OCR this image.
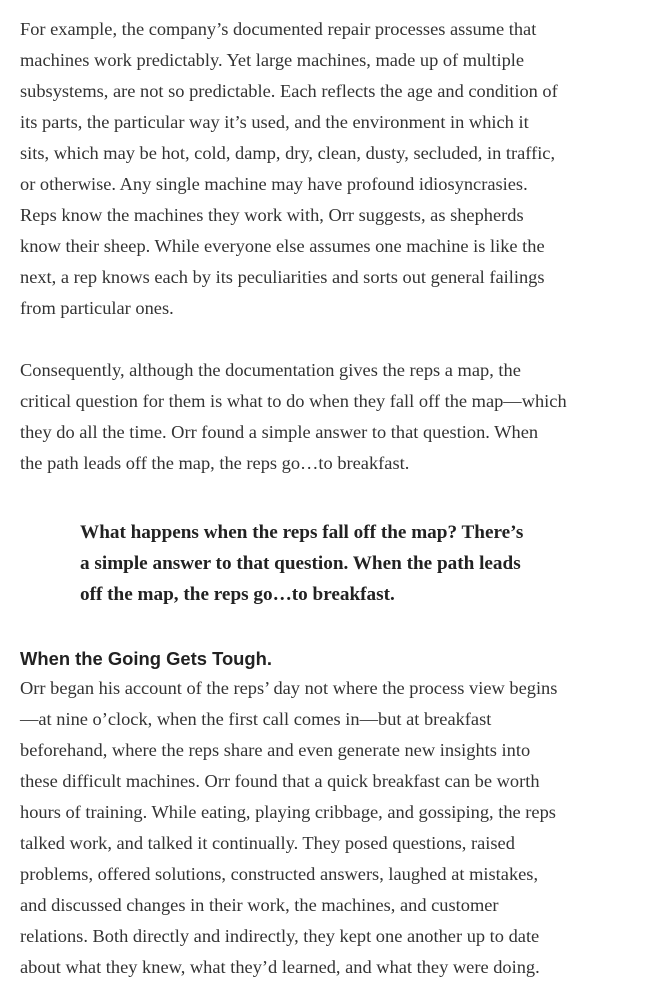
For example, the company’s documented repair processes assume that
machines work predictably. Yet large machines, made up of multiple
subsystems, are not so predictable. Each reflects the age and condition of
its parts, the particular way it’s used, and the environment in which it
sits, which may be hot, cold, damp, dry, clean, dusty, secluded, in traffic,
or otherwise. Any single machine may have profound idiosyncrasies.
Reps know the machines they work with, Orr suggests, as shepherds
know their sheep. While everyone else assumes one machine is like the
next, a rep knows each by its peculiarities and sorts out general failings
from particular ones.

Consequently, although the documentation gives the reps a map, the
critical question for them is what to do when they fall off the map—which
they do all the time. Orr found a simple answer to that question. When
the path leads off the map, the reps go…to breakfast.

What happens when the reps fall off the map? There’s
a simple answer to that question. When the path leads
off the map, the reps go…to breakfast.
When the Going Gets Tough.

Orr began his account of the reps’ day not where the process view begins
—at nine o’clock, when the first call comes in—but at breakfast
beforehand, where the reps share and even generate new insights into
these difficult machines. Orr found that a quick breakfast can be worth
hours of training. While eating, playing cribbage, and gossiping, the reps
talked work, and talked it continually. They posed questions, raised
problems, offered solutions, constructed answers, laughed at mistakes,
and discussed changes in their work, the machines, and customer
relations. Both directly and indirectly, they kept one another up to date
about what they knew, what they’d learned, and what they were doing.
